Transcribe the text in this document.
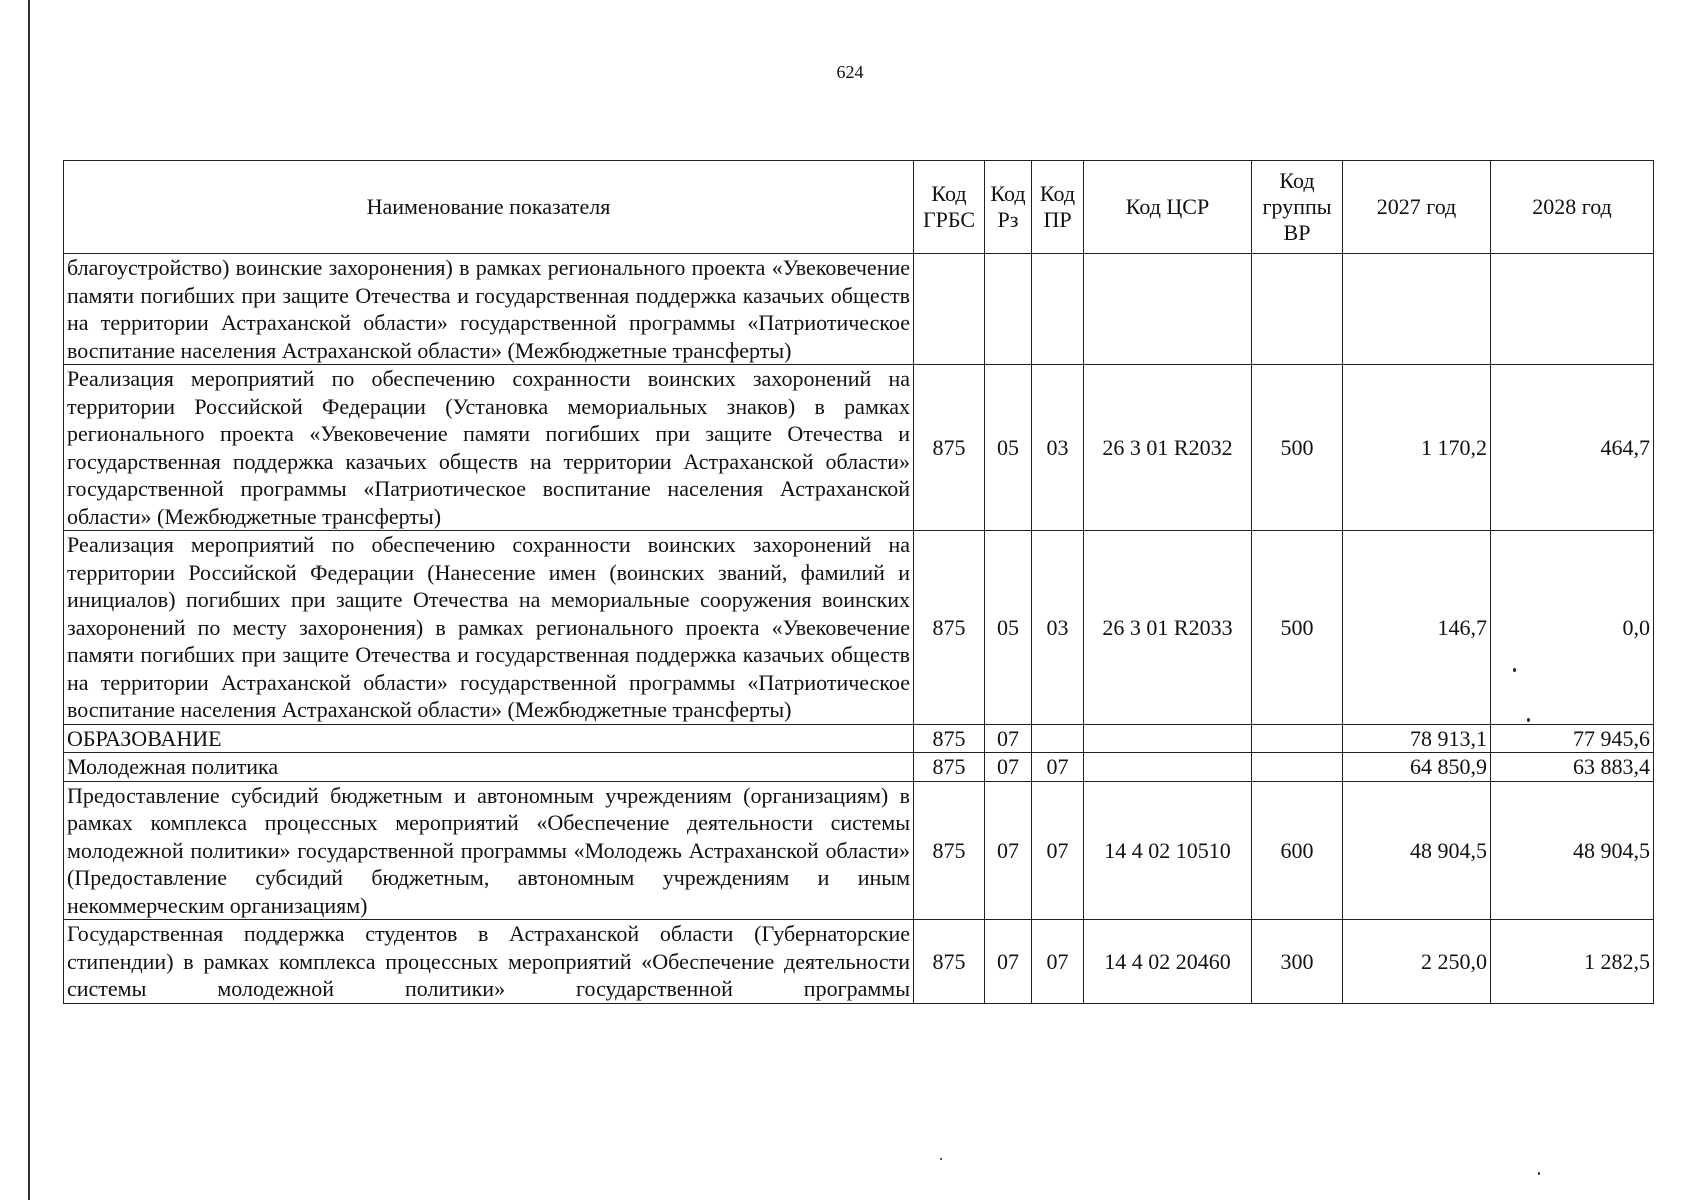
624
Наименование показателя	Код ГРБС	Код Рз	Код ПР	Код ЦСР	Код группы ВР	2027 год	2028 год
благоустройство) воинские захоронения) в рамках регионального проекта «Увековечение памяти погибших при защите Отечества и государственная поддержка казачьих обществ на территории Астраханской области» государственной программы «Патриотическое воспитание населения Астраханской области» (Межбюджетные трансферты)							
Реализация мероприятий по обеспечению сохранности воинских захоронений на территории Российской Федерации (Установка мемориальных знаков) в рамках регионального проекта «Увековечение памяти погибших при защите Отечества и государственная поддержка казачьих обществ на территории Астраханской области» государственной программы «Патриотическое воспитание населения Астраханской области» (Межбюджетные трансферты)	875	05	03	26 3 01 R2032	500	1 170,2	464,7
Реализация мероприятий по обеспечению сохранности воинских захоронений на территории Российской Федерации (Нанесение имен (воинских званий, фамилий и инициалов) погибших при защите Отечества на мемориальные сооружения воинских захоронений по месту захоронения) в рамках регионального проекта «Увековечение памяти погибших при защите Отечества и государственная поддержка казачьих обществ на территории Астраханской области» государственной программы «Патриотическое воспитание населения Астраханской области» (Межбюджетные трансферты)	875	05	03	26 3 01 R2033	500	146,7	0,0
ОБРАЗОВАНИЕ	875	07				78 913,1	77 945,6
Молодежная политика	875	07	07			64 850,9	63 883,4
Предоставление субсидий бюджетным и автономным учреждениям (организациям) в рамках комплекса процессных мероприятий «Обеспечение деятельности системы молодежной политики» государственной программы «Молодежь Астраханской области» (Предоставление субсидий бюджетным, автономным учреждениям и иным некоммерческим организациям)	875	07	07	14 4 02 10510	600	48 904,5	48 904,5
Государственная поддержка студентов в Астраханской области (Губернаторские стипендии) в рамках комплекса процессных мероприятий «Обеспечение деятельности системы молодежной политики» государственной программы	875	07	07	14 4 02 20460	300	2 250,0	1 282,5
